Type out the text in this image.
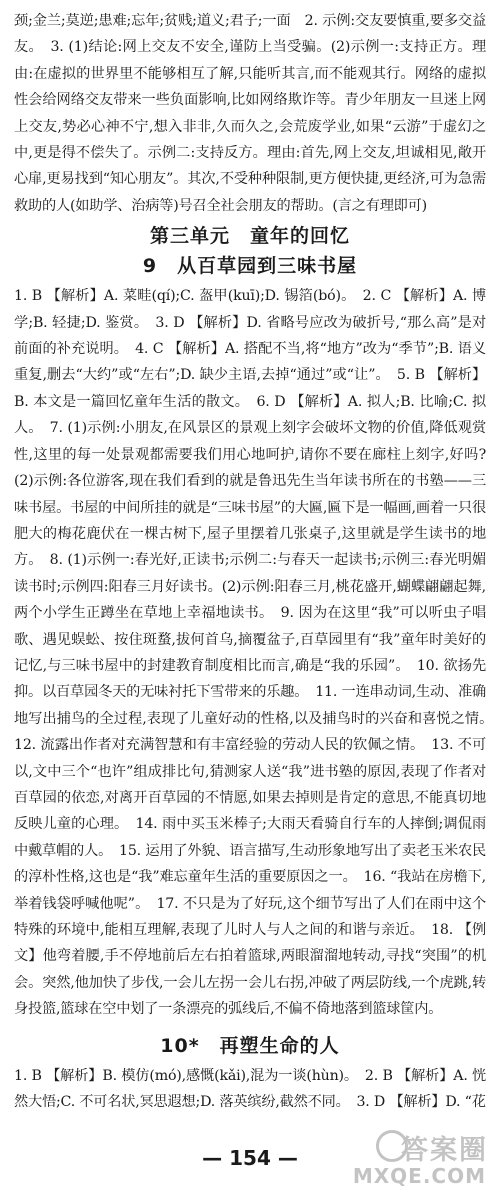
颈;金兰;莫逆;患难;忘年;贫贱;道义;君子;一面　2. 示例:交友要慎重,要多交益友。　3. (1)结论:网上交友不安全,谨防上当受骗。(2)示例一:支持正方。理由:在虚拟的世界里不能够相互了解,只能听其言,而不能观其行。网络的虚拟性会给网络交友带来一些负面影响,比如网络欺诈等。青少年朋友一旦迷上网上交友,势必心神不宁,想入非非,久而久之,会荒废学业,如果“云游”于虚幻之中,更是得不偿失了。示例二:支持反方。理由:首先,网上交友,坦诚相见,敞开心扉,更易找到“知心朋友”。其次,不受种种限制,更方便快捷,更经济,可为急需救助的人(如助学、治病等)号召全社会朋友的帮助。(言之有理即可)

第三单元　童年的回忆
9　从百草园到三味书屋

1. B 【解析】A. 菜畦(qí);C. 盔甲(kuī);D. 锡箔(bó)。　2. C 【解析】A. 博学;B. 轻捷;D. 鉴赏。　3. D 【解析】D. 省略号应改为破折号,“那么高”是对前面的补充说明。　4. C 【解析】A. 搭配不当,将“地方”改为“季节”;B. 语义重复,删去“大约”或“左右”;D. 缺少主语,去掉“通过”或“让”。　5. B 【解析】B. 本文是一篇回忆童年生活的散文。　6. D 【解析】A. 拟人;B. 比喻;C. 拟人。　7. (1)示例:小朋友,在风景区的景观上刻字会破坏文物的价值,降低观赏性,这里的每一处景观都需要我们用心地呵护,请你不要在廊柱上刻字,好吗?(2)示例:各位游客,现在我们看到的就是鲁迅先生当年读书所在的书塾——三味书屋。书屋的中间所挂的就是“三味书屋”的大匾,匾下是一幅画,画着一只很肥大的梅花鹿伏在一棵古树下,屋子里摆着几张桌子,这里就是学生读书的地方。　8. (1)示例一:春光好,正读书;示例二:与春天一起读书;示例三:春光明媚读书时;示例四:阳春三月好读书。(2)示例:阳春三月,桃花盛开,蝴蝶翩翩起舞,两个小学生正蹲坐在草地上幸福地读书。　9. 因为在这里“我”可以听虫子唱歌、遇见蜈蚣、按住斑蝥,拔何首乌,摘覆盆子,百草园里有“我”童年时美好的记忆,与三味书屋中的封建教育制度相比而言,确是“我的乐园”。　10. 欲扬先抑。以百草园冬天的无味衬托下雪带来的乐趣。　11. 一连串动词,生动、准确地写出捕鸟的全过程,表现了儿童好动的性格,以及捕鸟时的兴奋和喜悦之情。　12. 流露出作者对充满智慧和有丰富经验的劳动人民的钦佩之情。　13. 不可以,文中三个“也许”组成排比句,猜测家人送“我”进书塾的原因,表现了作者对百草园的依恋,对离开百草园的不情愿,如果去掉则是肯定的意思,不能真切地反映儿童的心理。　14. 雨中买玉米棒子;大雨天看骑自行车的人摔倒;调侃雨中戴草帽的人。　15. 运用了外貌、语言描写,生动形象地写出了卖老玉米农民的淳朴性格,这也是“我”难忘童年生活的重要原因之一。　16. “我站在房檐下,举着钱袋呼喊他呢”。　17. 不只是为了好玩,这个细节写出了人们在雨中这个特殊的环境中,能相互理解,表现了儿时人与人之间的和谐与亲近。　18. 【例文】他弯着腰,手不停地前后左右拍着篮球,两眼溜溜地转动,寻找“突围”的机会。突然,他加快了步伐,一会儿左拐一会儿右拐,冲破了两层防线,一个虎跳,转身投篮,篮球在空中划了一条漂亮的弧线后,不偏不倚地落到篮球筐内。

10*　再塑生命的人

1. B 【解析】B. 模仿(mó),感慨(kǎi),混为一谈(hùn)。　2. B 【解析】A. 恍然大悟;C. 不可名状,冥思遐想;D. 落英缤纷,截然不同。　3. D 【解析】D. “花

— 154 —	答案圈
MXQE.COM
